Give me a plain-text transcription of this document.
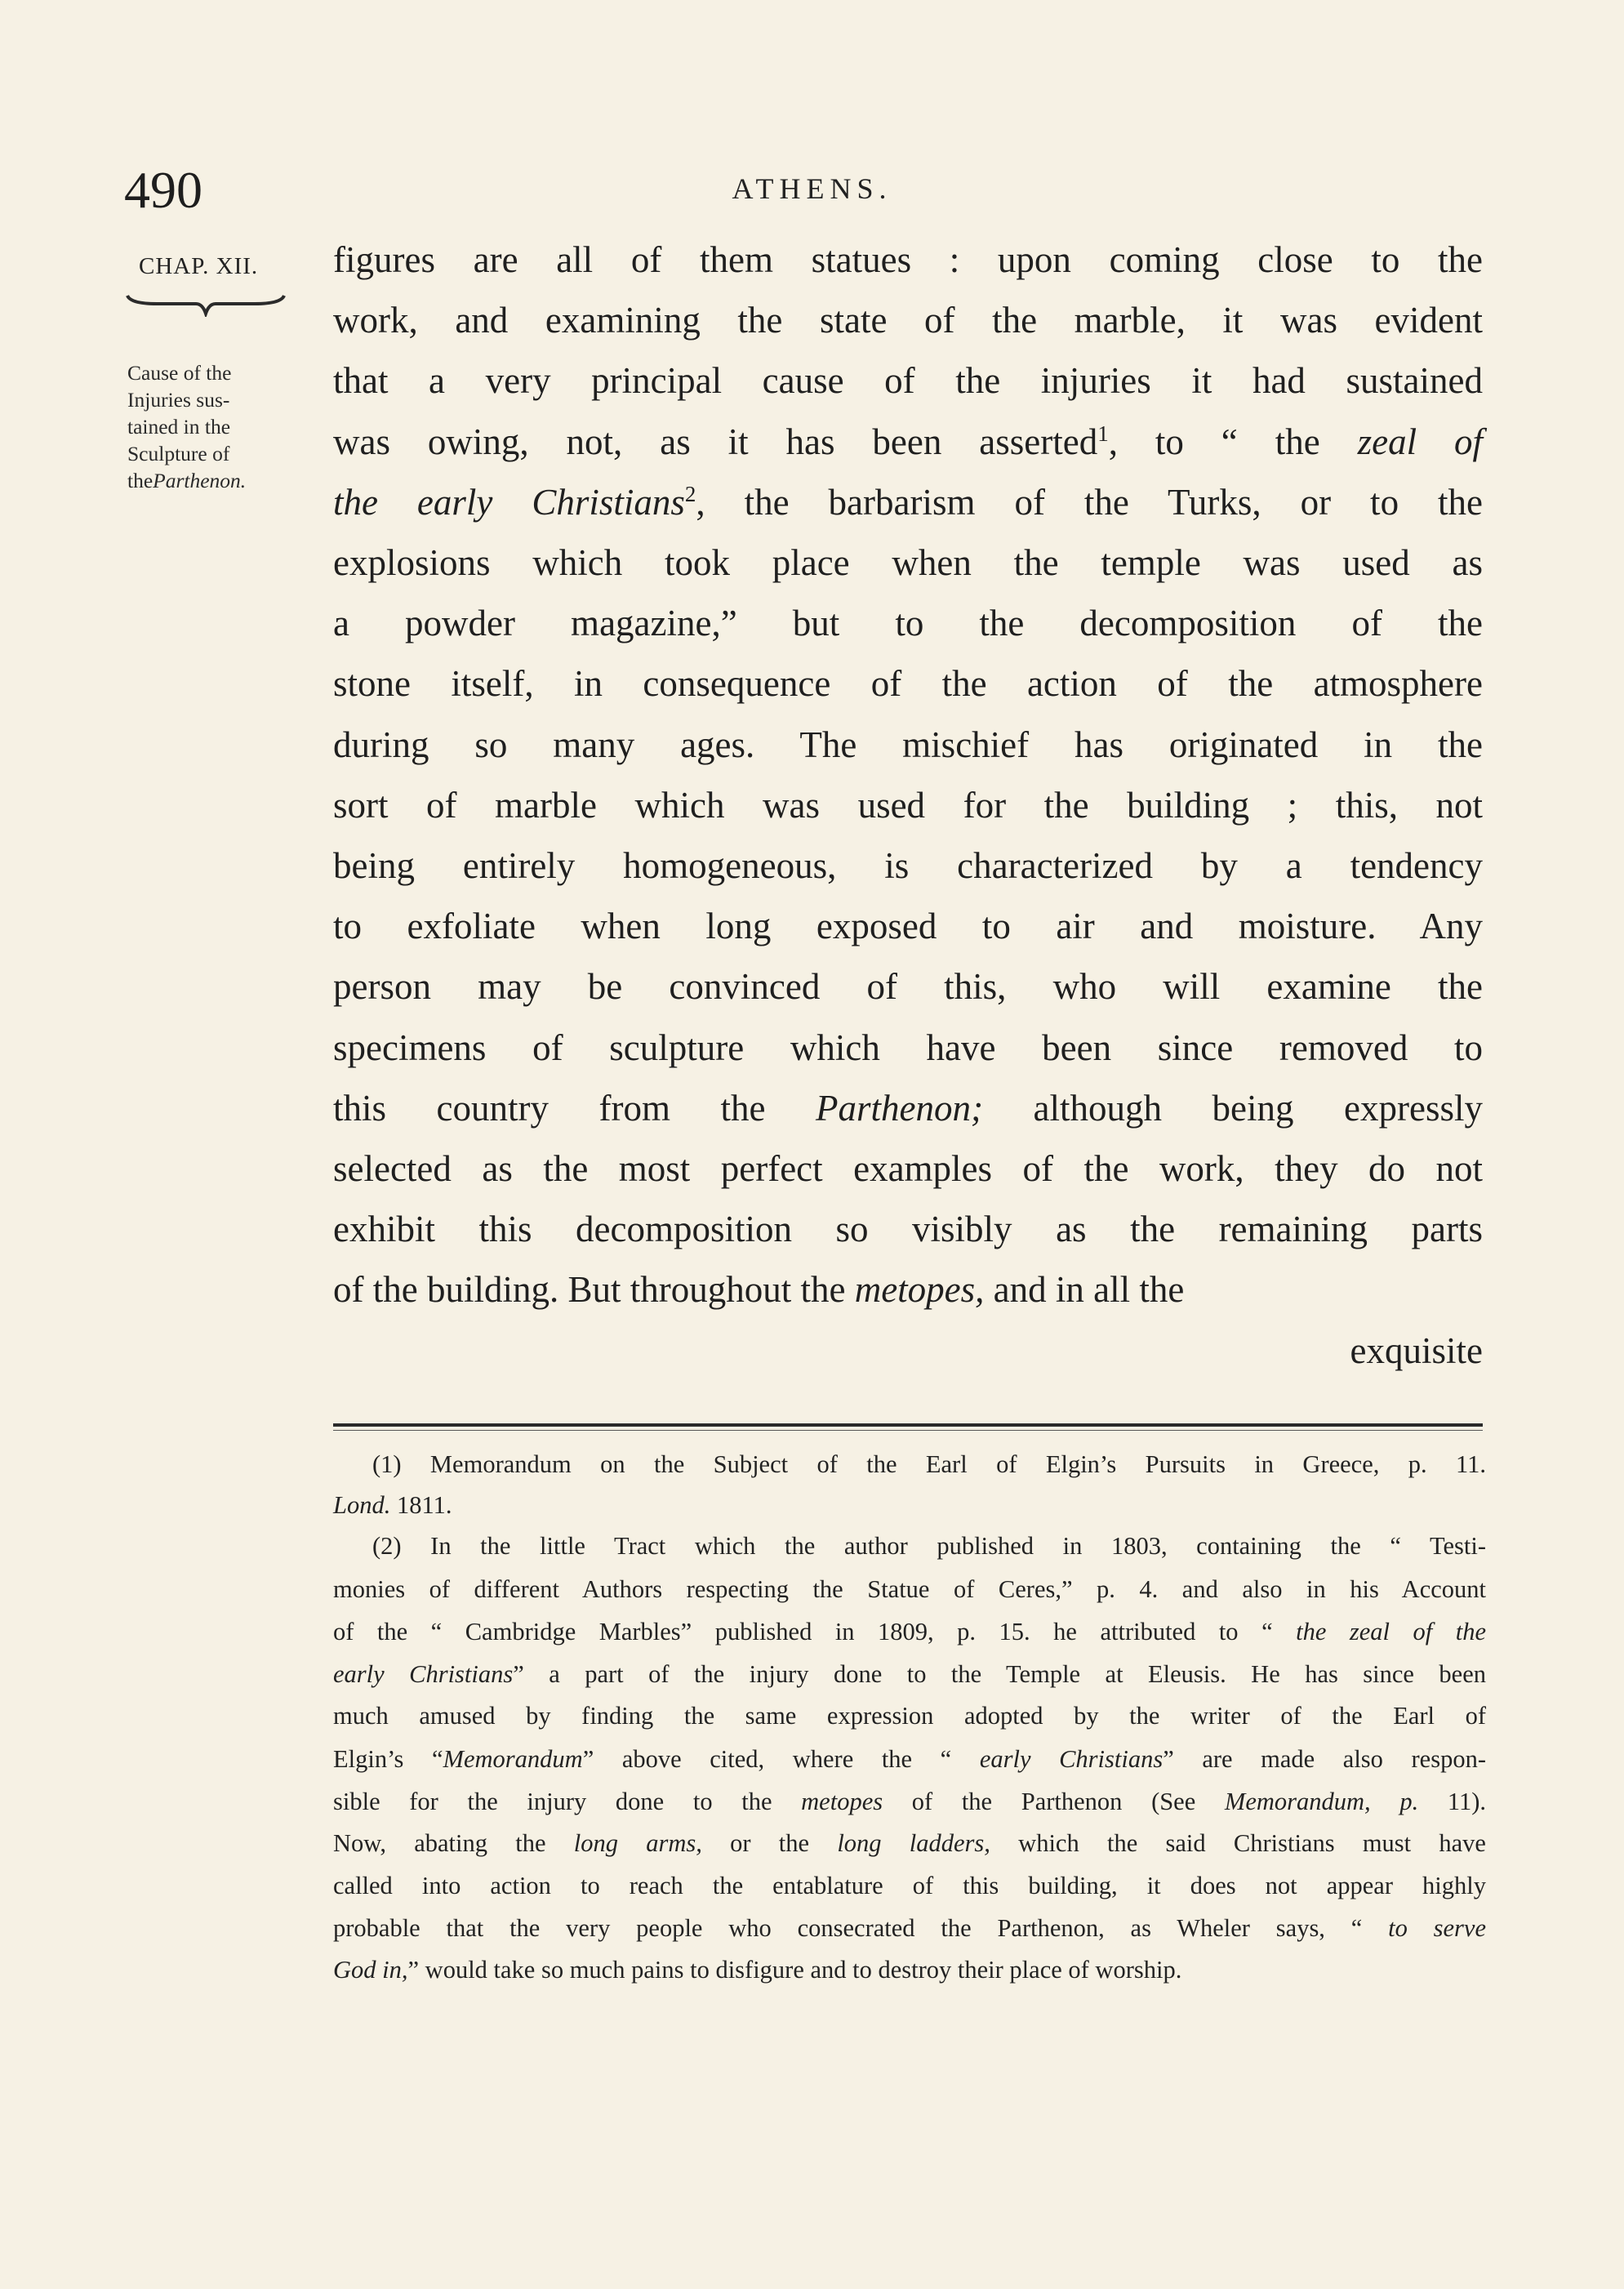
490	ATHENS.
CHAP. XII.
Cause of the
Injuries sus-
tained in the
Sculpture of
theParthenon.
figures are all of them statues : upon coming close to the
work, and examining the state of the marble, it was evident
that a very principal cause of the injuries it had sustained
was owing, not, as it has been asserted$^1$, to “ the zeal of
the early Christians$^2$, the barbarism of the Turks, or to the
explosions which took place when the temple was used as
a powder magazine,” but to the decomposition of the
stone itself, in consequence of the action of the atmosphere
during so many ages. The mischief has originated in the
sort of marble which was used for the building ; this, not
being entirely homogeneous, is characterized by a tendency
to exfoliate when long exposed to air and moisture. Any
person may be convinced of this, who will examine the
specimens of sculpture which have been since removed to
this country from the Parthenon; although being expressly
selected as the most perfect examples of the work, they do not
exhibit this decomposition so visibly as the remaining parts
of the building. But throughout the metopes, and in all the
exquisite
(1) Memorandum on the Subject of the Earl of Elgin’s Pursuits in Greece, p. 11.
Lond. 1811.
(2) In the little Tract which the author published in 1803, containing the “ Testi-
monies of different Authors respecting the Statue of Ceres,” p. 4. and also in his Account
of the “ Cambridge Marbles” published in 1809, p. 15. he attributed to “ the zeal of the
early Christians” a part of the injury done to the Temple at Eleusis. He has since been
much amused by finding the same expression adopted by the writer of the Earl of
Elgin’s “Memorandum” above cited, where the “ early Christians” are made also respon-
sible for the injury done to the metopes of the Parthenon (See Memorandum, p. 11).
Now, abating the long arms, or the long ladders, which the said Christians must have
called into action to reach the entablature of this building, it does not appear highly
probable that the very people who consecrated the Parthenon, as Wheler says, “ to serve
God in,” would take so much pains to disfigure and to destroy their place of worship.
